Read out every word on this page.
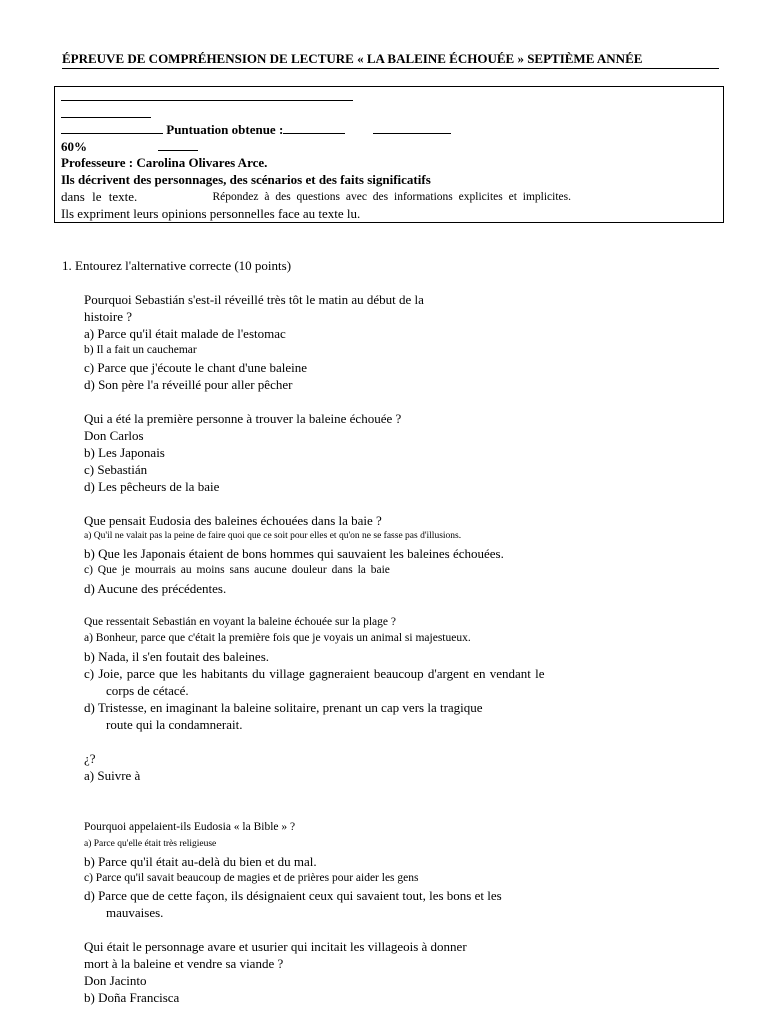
ÉPREUVE DE COMPRÉHENSION DE LECTURE « LA BALEINE ÉCHOUÉE » SEPTIÈME ANNÉE
Puntuation obtenue :
60%
Professeure : Carolina Olivares Arce.
Ils décrivent des personnages, des scénarios et des faits significatifs
dans le texte.	Répondez à des questions avec des informations explicites et implicites.
Ils expriment leurs opinions personnelles face au texte lu.
1. Entourez l'alternative correcte (10 points)
Pourquoi Sebastián s'est-il réveillé très tôt le matin au début de la
histoire ?
a) Parce qu'il était malade de l'estomac
b) Il a fait un cauchemar
c) Parce que j'écoute le chant d'une baleine
d) Son père l'a réveillé pour aller pêcher
Qui a été la première personne à trouver la baleine échouée ?
Don Carlos
b) Les Japonais
c) Sebastián
d) Les pêcheurs de la baie
Que pensait Eudosia des baleines échouées dans la baie ?
a) Qu'il ne valait pas la peine de faire quoi que ce soit pour elles et qu'on ne se fasse pas d'illusions.
b) Que les Japonais étaient de bons hommes qui sauvaient les baleines échouées.
c) Que je mourrais au moins sans aucune douleur dans la baie
d) Aucune des précédentes.
Que ressentait Sebastián en voyant la baleine échouée sur la plage ?
a) Bonheur, parce que c'était la première fois que je voyais un animal si majestueux.
b) Nada, il s'en foutait des baleines.
c) Joie, parce que les habitants du village gagneraient beaucoup d'argent en vendant le
corps de cétacé.
d) Tristesse, en imaginant la baleine solitaire, prenant un cap vers la tragique
route qui la condamnerait.
¿?
a) Suivre à
Pourquoi appelaient-ils Eudosia « la Bible » ?
a) Parce qu'elle était très religieuse
b) Parce qu'il était au-delà du bien et du mal.
c) Parce qu'il savait beaucoup de magies et de prières pour aider les gens
d) Parce que de cette façon, ils désignaient ceux qui savaient tout, les bons et les
mauvaises.
Qui était le personnage avare et usurier qui incitait les villageois à donner
mort à la baleine et vendre sa viande ?
Don Jacinto
b) Doña Francisca
